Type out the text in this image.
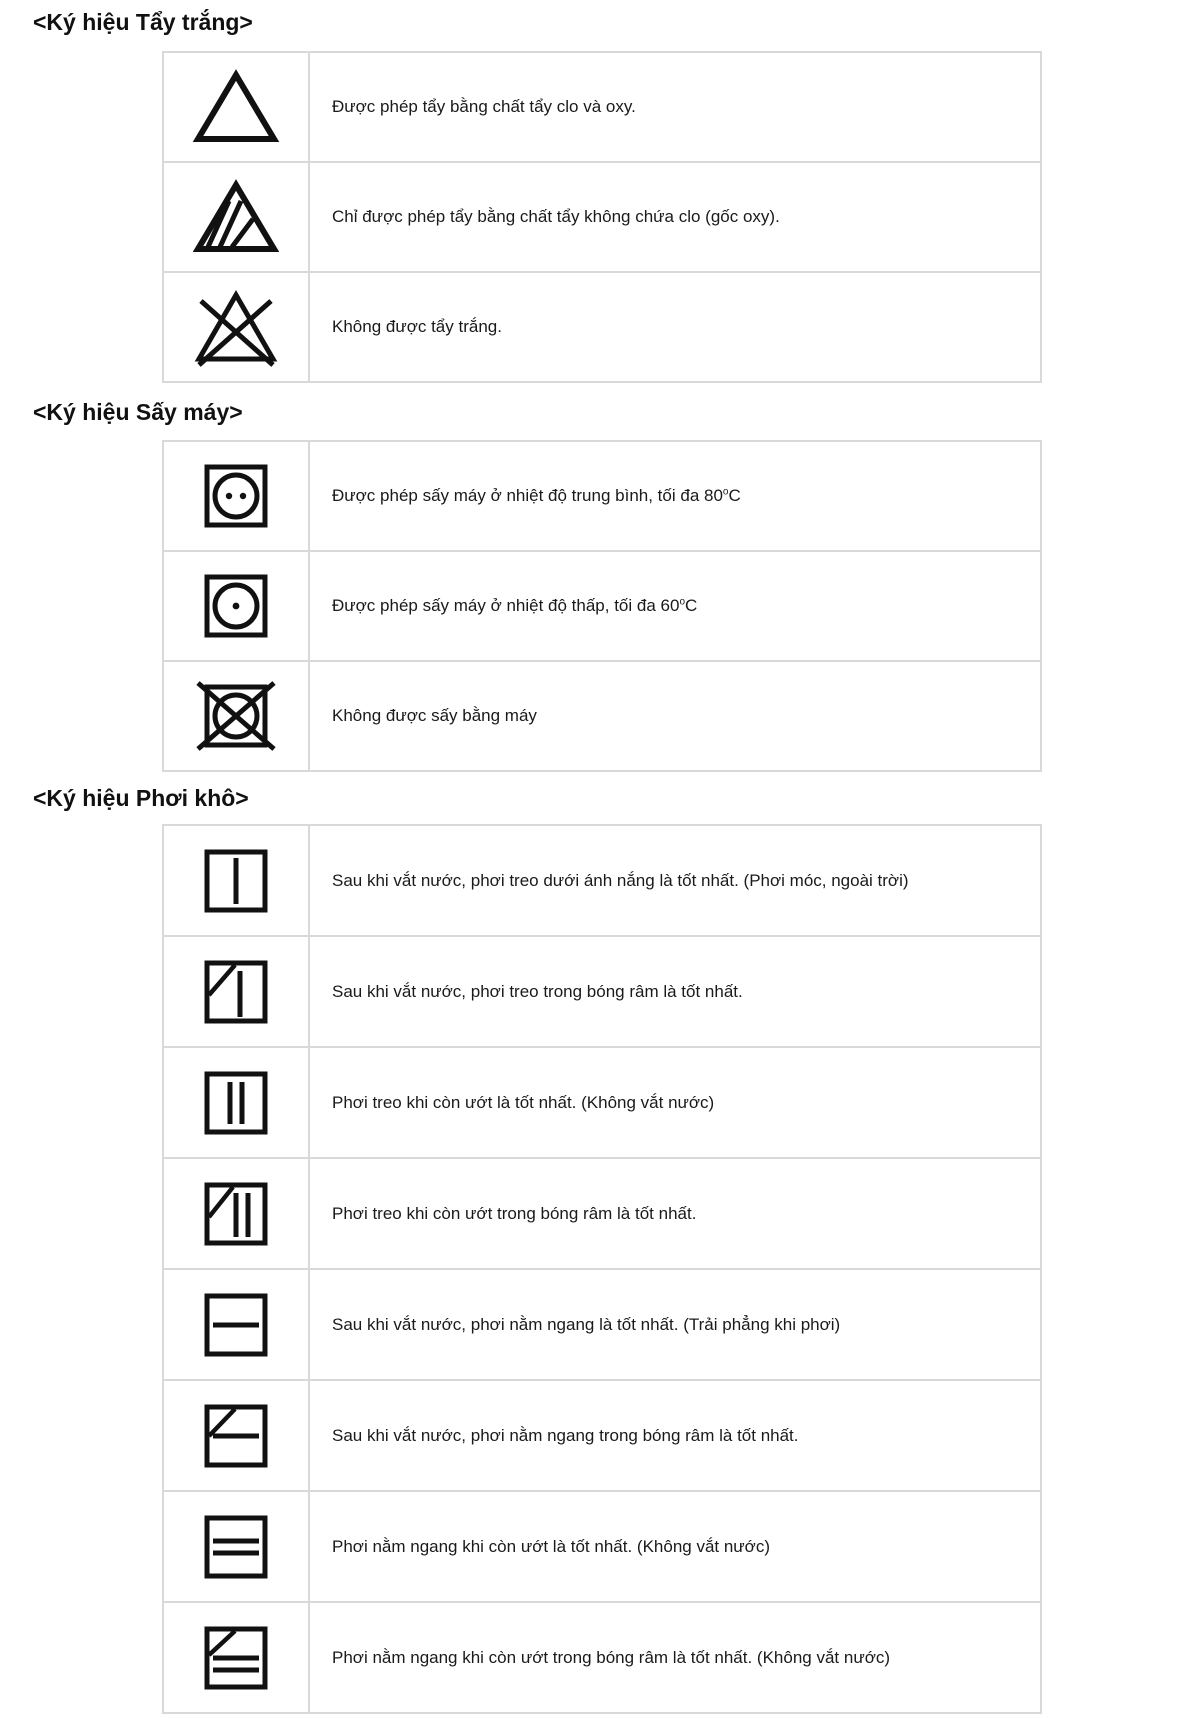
<Ký hiệu Tẩy trắng>
	Được phép tẩy bằng chất tẩy clo và oxy.

	Chỉ được phép tẩy bằng chất tẩy không chứa clo (gốc oxy).

	Không được tẩy trắng.
<Ký hiệu Sấy máy>
	Được phép sấy máy ở nhiệt độ trung bình, tối đa 80$^o$C

	Được phép sấy máy ở nhiệt độ thấp, tối đa 60$^o$C

	Không được sấy bằng máy
<Ký hiệu Phơi khô>
	Sau khi vắt nước, phơi treo dưới ánh nắng là tốt nhất. (Phơi móc, ngoài trời)

	Sau khi vắt nước, phơi treo trong bóng râm là tốt nhất.

	Phơi treo khi còn ướt là tốt nhất. (Không vắt nước)

	Phơi treo khi còn ướt trong bóng râm là tốt nhất.

	Sau khi vắt nước, phơi nằm ngang là tốt nhất. (Trải phẳng khi phơi)

	Sau khi vắt nước, phơi nằm ngang trong bóng râm là tốt nhất.

	Phơi nằm ngang khi còn ướt là tốt nhất. (Không vắt nước)

	Phơi nằm ngang khi còn ướt trong bóng râm là tốt nhất. (Không vắt nước)
